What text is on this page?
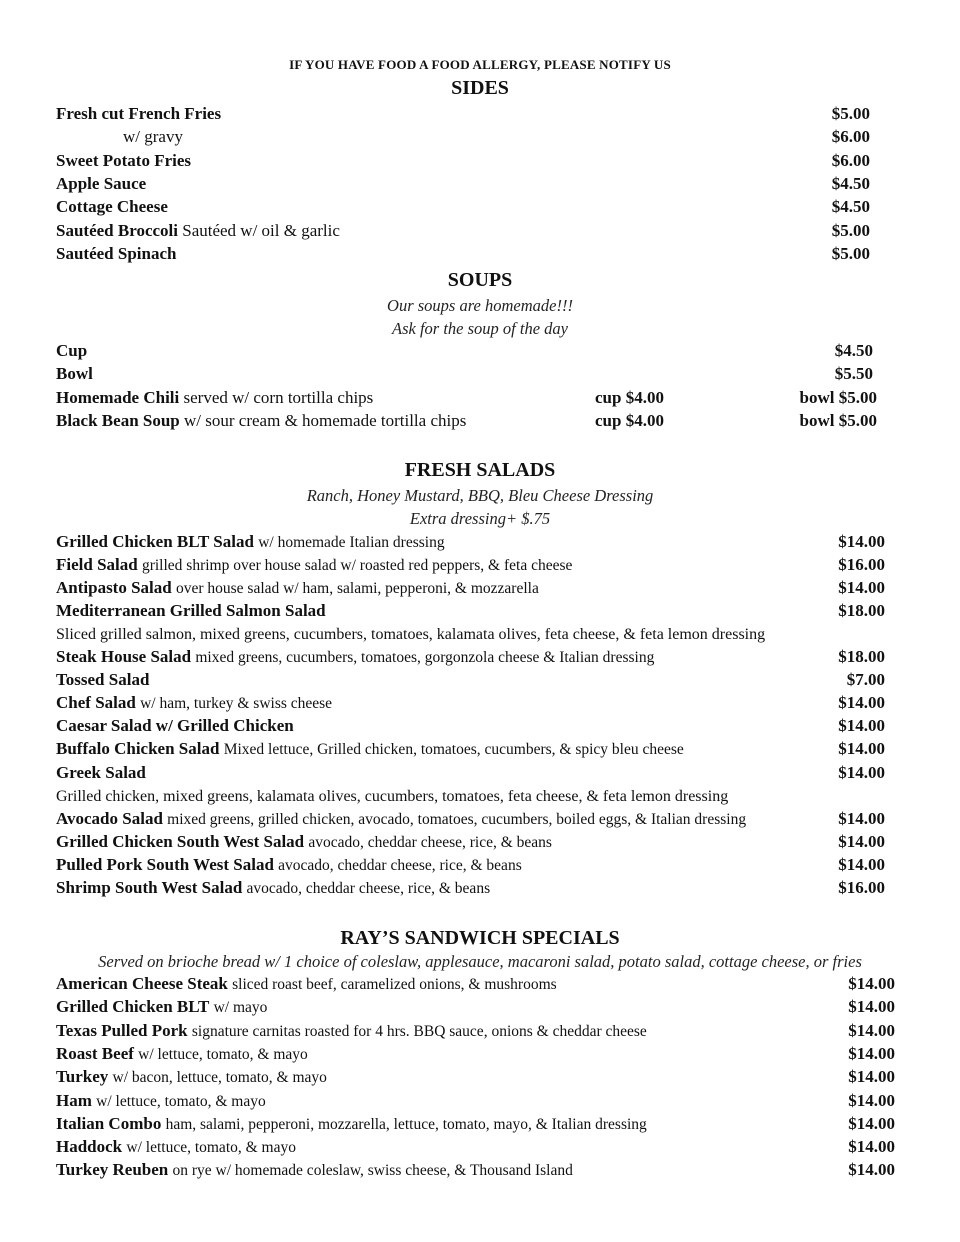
IF YOU HAVE FOOD A FOOD ALLERGY, PLEASE NOTIFY US
SIDES
Fresh cut French Fries	$5.00
w/ gravy	$6.00
Sweet Potato Fries	$6.00
Apple Sauce	$4.50
Cottage Cheese	$4.50
Sautéed Broccoli Sautéed w/ oil & garlic	$5.00
Sautéed Spinach	$5.00
SOUPS
Our soups are homemade!!!
Ask for the soup of the day
Cup	$4.50
Bowl	$5.50
Homemade Chili served w/ corn tortilla chips	cup $4.00	bowl $5.00
Black Bean Soup w/ sour cream & homemade tortilla chips	cup $4.00	bowl $5.00
FRESH SALADS
Ranch, Honey Mustard, BBQ, Bleu Cheese Dressing
Extra dressing+ $.75
Grilled Chicken BLT Salad w/ homemade Italian dressing	$14.00
Field Salad grilled shrimp over house salad w/ roasted red peppers, & feta cheese	$16.00
Antipasto Salad over house salad w/ ham, salami, pepperoni, & mozzarella	$14.00
Mediterranean Grilled Salmon Salad	$18.00
Sliced grilled salmon, mixed greens, cucumbers, tomatoes, kalamata olives, feta cheese, & feta lemon dressing
Steak House Salad mixed greens, cucumbers, tomatoes, gorgonzola cheese & Italian dressing	$18.00
Tossed Salad	$7.00
Chef Salad w/ ham, turkey & swiss cheese	$14.00
Caesar Salad w/ Grilled Chicken	$14.00
Buffalo Chicken Salad Mixed lettuce, Grilled chicken, tomatoes, cucumbers, & spicy bleu cheese	$14.00
Greek Salad	$14.00
Grilled chicken, mixed greens, kalamata olives, cucumbers, tomatoes, feta cheese, & feta lemon dressing
Avocado Salad mixed greens, grilled chicken, avocado, tomatoes, cucumbers, boiled eggs, & Italian dressing	$14.00
Grilled Chicken South West Salad avocado, cheddar cheese, rice, & beans	$14.00
Pulled Pork South West Salad avocado, cheddar cheese, rice, & beans	$14.00
Shrimp South West Salad avocado, cheddar cheese, rice, & beans	$16.00
RAY’S SANDWICH SPECIALS
Served on brioche bread w/ 1 choice of coleslaw, applesauce, macaroni salad, potato salad, cottage cheese, or fries
American Cheese Steak sliced roast beef, caramelized onions, & mushrooms	$14.00
Grilled Chicken BLT w/ mayo	$14.00
Texas Pulled Pork signature carnitas roasted for 4 hrs. BBQ sauce, onions & cheddar cheese	$14.00
Roast Beef w/ lettuce, tomato, & mayo	$14.00
Turkey w/ bacon, lettuce, tomato, & mayo	$14.00
Ham w/ lettuce, tomato, & mayo	$14.00
Italian Combo ham, salami, pepperoni, mozzarella, lettuce, tomato, mayo, & Italian dressing	$14.00
Haddock w/ lettuce, tomato, & mayo	$14.00
Turkey Reuben on rye w/ homemade coleslaw, swiss cheese, & Thousand Island	$14.00
